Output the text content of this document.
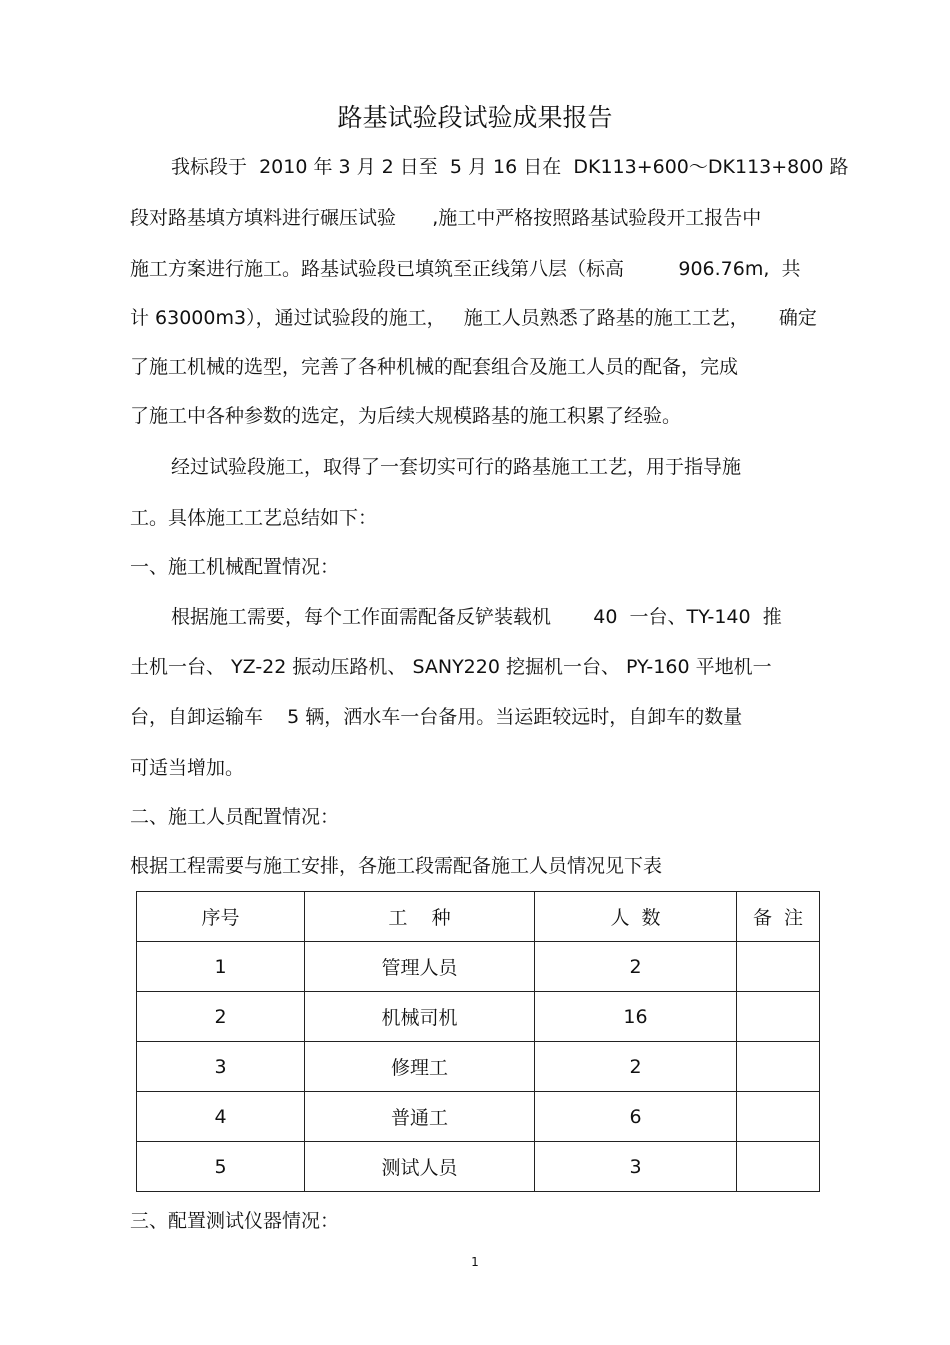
路基试验段试验成果报告

我标段于  2010 年 3 月 2 日至  5 月 16 日在  DK113+600～DK113+800 路

段对路基填方填料进行碾压试验      ,施工中严格按照路基试验段开工报告中

施工方案进行施工。路基试验段已填筑至正线第八层（标高         906.76m,  共

计 63000m3），通过试验段的施工，   施工人员熟悉了路基的施工工艺，     确定

了施工机械的选型，完善了各种机械的配套组合及施工人员的配备，完成

了施工中各种参数的选定，为后续大规模路基的施工积累了经验。

经过试验段施工，取得了一套切实可行的路基施工工艺，用于指导施

工。具体施工工艺总结如下：

一、施工机械配置情况：

根据施工需要，每个工作面需配备反铲装载机       40  一台、TY-140  推

土机一台、 YZ-22 振动压路机、 SANY220 挖掘机一台、 PY-160 平地机一

台，自卸运输车    5 辆，洒水车一台备用。当运距较远时，自卸车的数量

可适当增加。

二、施工人员配置情况：

根据工程需要与施工安排，各施工段需配备施工人员情况见下表

序号	工    种	人  数	备  注
1	管理人员	2	
2	机械司机	16	
3	修理工	2	
4	普通工	6	
5	测试人员	3	

三、配置测试仪器情况：

1
